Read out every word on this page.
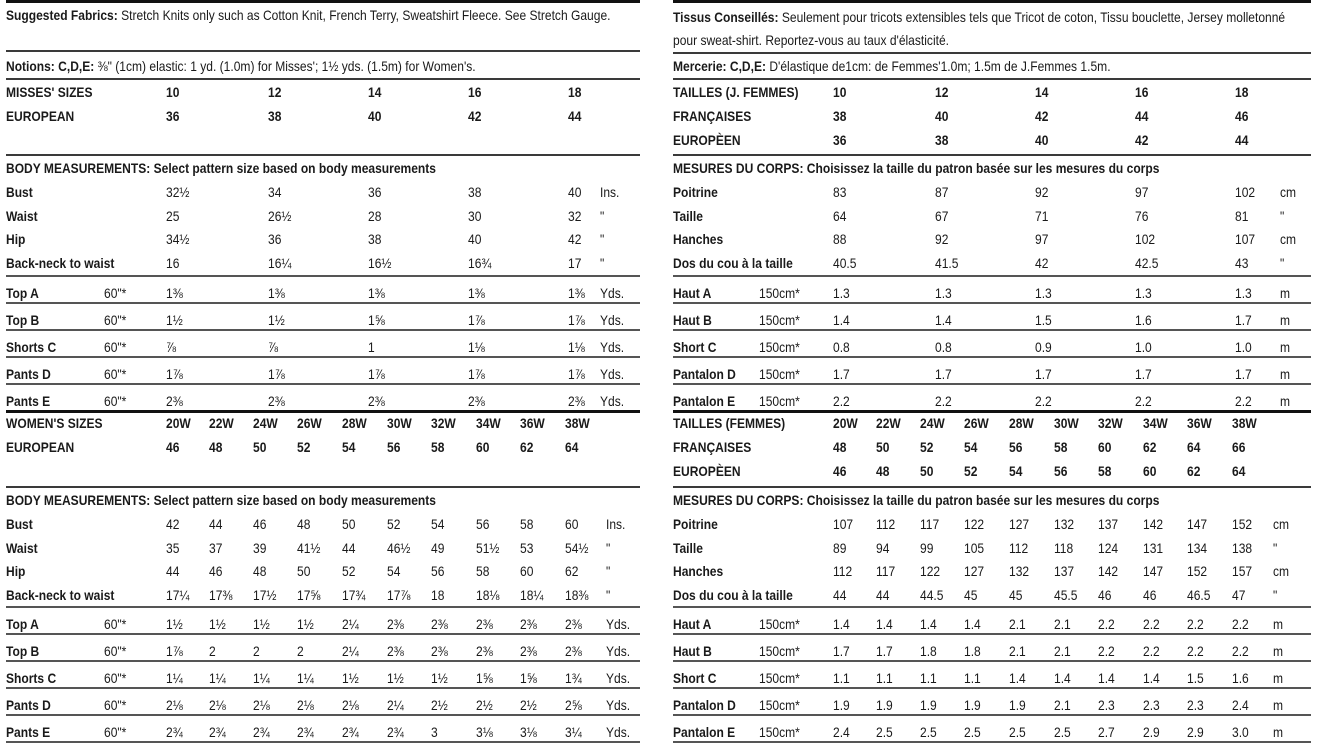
Suggested Fabrics: Stretch Knits only such as Cotton Knit, French Terry, Sweatshirt Fleece. See Stretch Gauge.
Notions: C,D,E: ⅜" (1cm) elastic: 1 yd. (1.0m) for Misses'; 1½ yds. (1.5m) for Women's.
MISSES' SIZES	10	12	14	16	18
EUROPEAN	36	38	40	42	44
BODY MEASUREMENTS: Select pattern size based on body measurements
Bust	32½	34	36	38	40 Ins.
Waist	25	26½	28	30	32 "
Hip	34½	36	38	40	42 "
Back-neck to waist	16	16¼	16½	16¾	17 "
Top A	60"*	1⅜	1⅜	1⅜	1⅜	1⅜ Yds.
Top B	60"*	1½	1½	1⅝	1⅞	1⅞ Yds.
Shorts C	60"*	⅞	⅞	1	1⅛	1⅛ Yds.
Pants D	60"*	1⅞	1⅞	1⅞	1⅞	1⅞ Yds.
Pants E	60"*	2⅜	2⅜	2⅜	2⅜	2⅜ Yds.
WOMEN'S SIZES	20W 22W 24W 26W 28W 30W 32W 34W 36W 38W
EUROPEAN	46 48 50 52 54 56 58 60 62 64
BODY MEASUREMENTS: Select pattern size based on body measurements
Bust	42 44 46 48 50 52 54 56 58 60 Ins.
Waist	35 37 39 41½ 44 46½ 49 51½ 53 54½ "
Hip	44 46 48 50 52 54 56 58 60 62 "
Back-neck to waist	17¼ 17⅜ 17½ 17⅝ 17¾ 17⅞ 18 18⅛ 18¼ 18⅜ "
Top A	60"*	1½ 1½ 1½ 1½ 2¼ 2⅜ 2⅜ 2⅜ 2⅜ 2⅜ Yds.
Top B	60"*	1⅞ 2	2	2	2¼ 2⅜ 2⅜ 2⅜ 2⅜ 2⅜ Yds.
Shorts C	60"*	1¼ 1¼ 1¼ 1¼ 1½ 1½ 1½ 1⅝ 1⅝ 1¾ Yds.
Pants D	60"*	2⅛ 2⅛ 2⅛ 2⅛ 2⅛ 2¼ 2½ 2½ 2½ 2⅝ Yds.
Pants E	60"*	2¾ 2¾ 2¾ 2¾ 2¾ 2¾ 3	3⅛ 3⅛ 3¼ Yds.
Tissus Conseillés: Seulement pour tricots extensibles tels que Tricot de coton, Tissu bouclette, Jersey molletonné pour sweat-shirt. Reportez-vous au taux d'élasticité.
Mercerie: C,D,E: D'élastique de1cm: de Femmes'1.0m; 1.5m de J.Femmes 1.5m.
TAILLES (J. FEMMES) 10	12	14	16	18
FRANÇAISES	38	40	42	44	46
EUROPÈEN	36	38	40	42	44
MESURES DU CORPS: Choisissez la taille du patron basée sur les mesures du corps
Poitrine	83	87	92	97	102 cm
Taille	64	67	71	76	81 "
Hanches	88	92	97	102	107 cm
Dos du cou à la taille	40.5	41.5	42	42.5	43 "
Haut A	150cm* 1.3	1.3	1.3	1.3	1.3 m
Haut B	150cm* 1.4	1.4	1.5	1.6	1.7 m
Short C	150cm* 0.8	0.8	0.9	1.0	1.0 m
Pantalon D 150cm* 1.7	1.7	1.7	1.7	1.7 m
Pantalon E 150cm* 2.2	2.2	2.2	2.2	2.2 m
TAILLES (FEMMES)	20W 22W 24W 26W 28W 30W 32W 34W 36W 38W
FRANÇAISES	48 50 52 54 56 58 60 62 64 66
EUROPÈEN	46 48 50 52 54 56 58 60 62 64
MESURES DU CORPS: Choisissez la taille du patron basée sur les mesures du corps
Poitrine	107 112 117 122 127 132 137 142 147 152 cm
Taille	89 94 99 105 112 118 124 131 134 138 "
Hanches	112 117 122 127 132 137 142 147 152 157 cm
Dos du cou à la taille	44 44 44.5 45 45 45.5 46 46 46.5 47 "
Haut A	150cm* 1.4 1.4 1.4 1.4 2.1 2.1 2.2 2.2 2.2 2.2 m
Haut B	150cm* 1.7 1.7 1.8 1.8 2.1 2.1 2.2 2.2 2.2 2.2 m
Short C	150cm* 1.1 1.1 1.1 1.1 1.4 1.4 1.4 1.4 1.5 1.6 m
Pantalon D 150cm* 1.9 1.9 1.9 1.9 1.9 2.1 2.3 2.3 2.3 2.4 m
Pantalon E 150cm* 2.4 2.5 2.5 2.5 2.5 2.5 2.7 2.9 2.9 3.0 m
